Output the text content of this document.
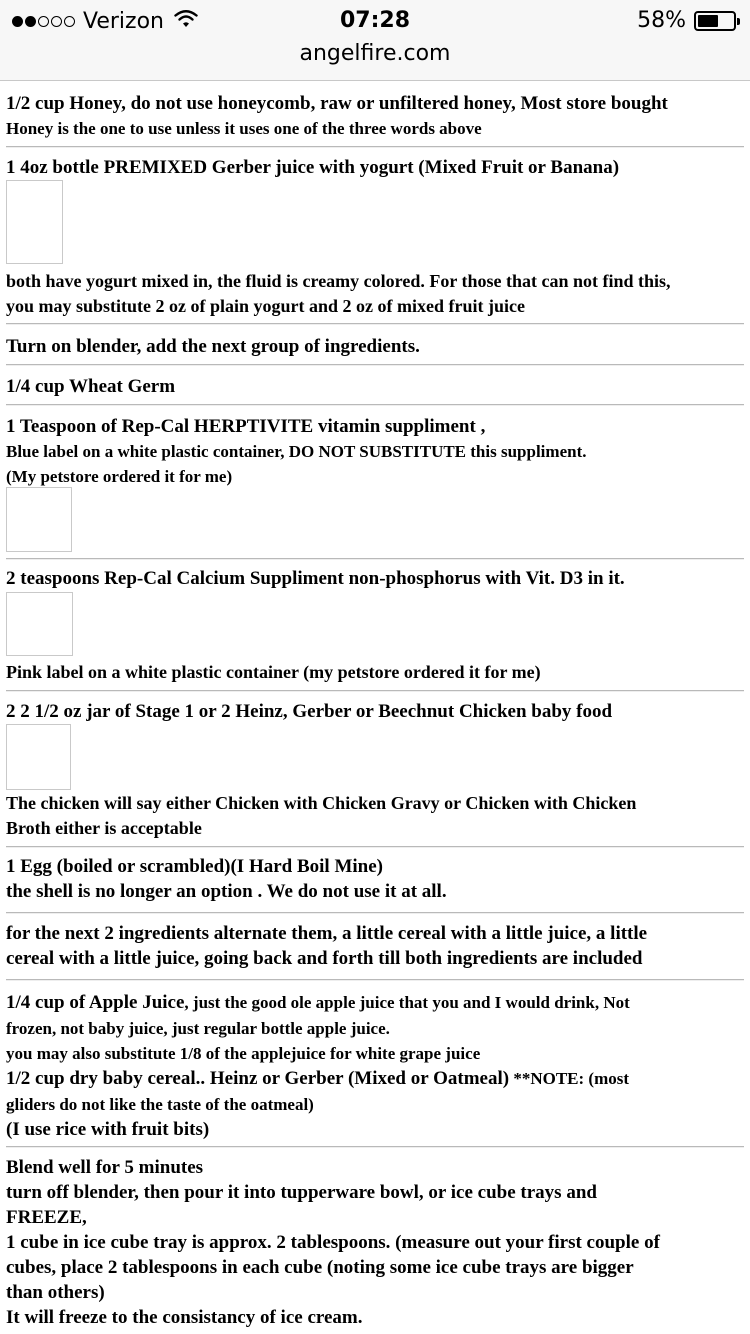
Verizon	07:28	58%
angelfire.com
1/2 cup Honey, do not use honeycomb, raw or unfiltered honey, Most store bought
Honey is the one to use unless it uses one of the three words above
1 4oz bottle PREMIXED Gerber juice with yogurt (Mixed Fruit or Banana)
both have yogurt mixed in, the fluid is creamy colored. For those that can not find this,
you may substitute 2 oz of plain yogurt and 2 oz of mixed fruit juice
Turn on blender, add the next group of ingredients.
1/4 cup Wheat Germ
1 Teaspoon of Rep-Cal HERPTIVITE vitamin suppliment ,
Blue label on a white plastic container, DO NOT SUBSTITUTE this suppliment.
(My petstore ordered it for me)
2 teaspoons Rep-Cal Calcium Suppliment non-phosphorus with Vit. D3 in it.
Pink label on a white plastic container (my petstore ordered it for me)
2 2 1/2 oz jar of Stage 1 or 2 Heinz, Gerber or Beechnut Chicken baby food
The chicken will say either Chicken with Chicken Gravy or Chicken with Chicken
Broth either is acceptable
1 Egg (boiled or scrambled)(I Hard Boil Mine)
the shell is no longer an option . We do not use it at all.
for the next 2 ingredients alternate them, a little cereal with a little juice, a little
cereal with a little juice, going back and forth till both ingredients are included
1/4 cup of Apple Juice, just the good ole apple juice that you and I would drink, Not
frozen, not baby juice, just regular bottle apple juice.
you may also substitute 1/8 of the applejuice for white grape juice
1/2 cup dry baby cereal.. Heinz or Gerber (Mixed or Oatmeal) **NOTE: (most
gliders do not like the taste of the oatmeal)
(I use rice with fruit bits)
Blend well for 5 minutes
turn off blender, then pour it into tupperware bowl, or ice cube trays and
FREEZE,
1 cube in ice cube tray is approx. 2 tablespoons. (measure out your first couple of
cubes, place 2 tablespoons in each cube (noting some ice cube trays are bigger
than others)
It will freeze to the consistancy of ice cream.
